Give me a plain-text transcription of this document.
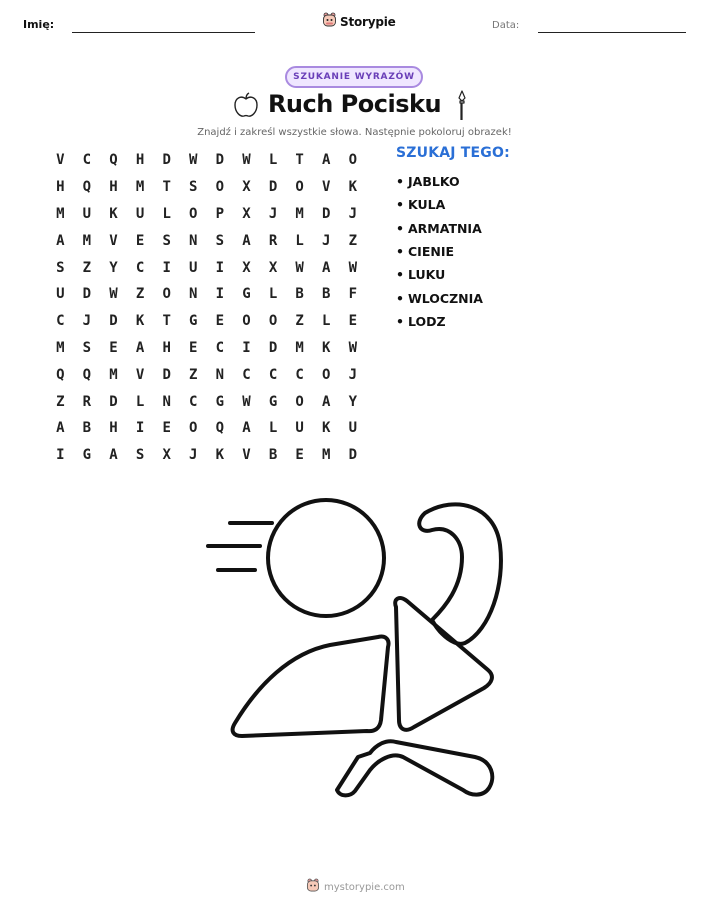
Imię:	Storypie	Data:
SZUKANIE WYRAZÓW
Ruch Pocisku
Znajdź i zakreśl wszystkie słowa. Następnie pokoloruj obrazek!
V	C	Q	H	D	W	D	W	L	T	A	O
H	Q	H	M	T	S	O	X	D	O	V	K
M	U	K	U	L	O	P	X	J	M	D	J
A	M	V	E	S	N	S	A	R	L	J	Z
S	Z	Y	C	I	U	I	X	X	W	A	W
U	D	W	Z	O	N	I	G	L	B	B	F
C	J	D	K	T	G	E	O	O	Z	L	E
M	S	E	A	H	E	C	I	D	M	K	W
Q	Q	M	V	D	Z	N	C	C	C	O	J
Z	R	D	L	N	C	G	W	G	O	A	Y
A	B	H	I	E	O	Q	A	L	U	K	U
I	G	A	S	X	J	K	V	B	E	M	D
SZUKAJ TEGO:
• JABLKO
• KULA
• ARMATNIA
• CIENIE
• LUKU
• WLOCZNIA
• LODZ
mystorypie.com
